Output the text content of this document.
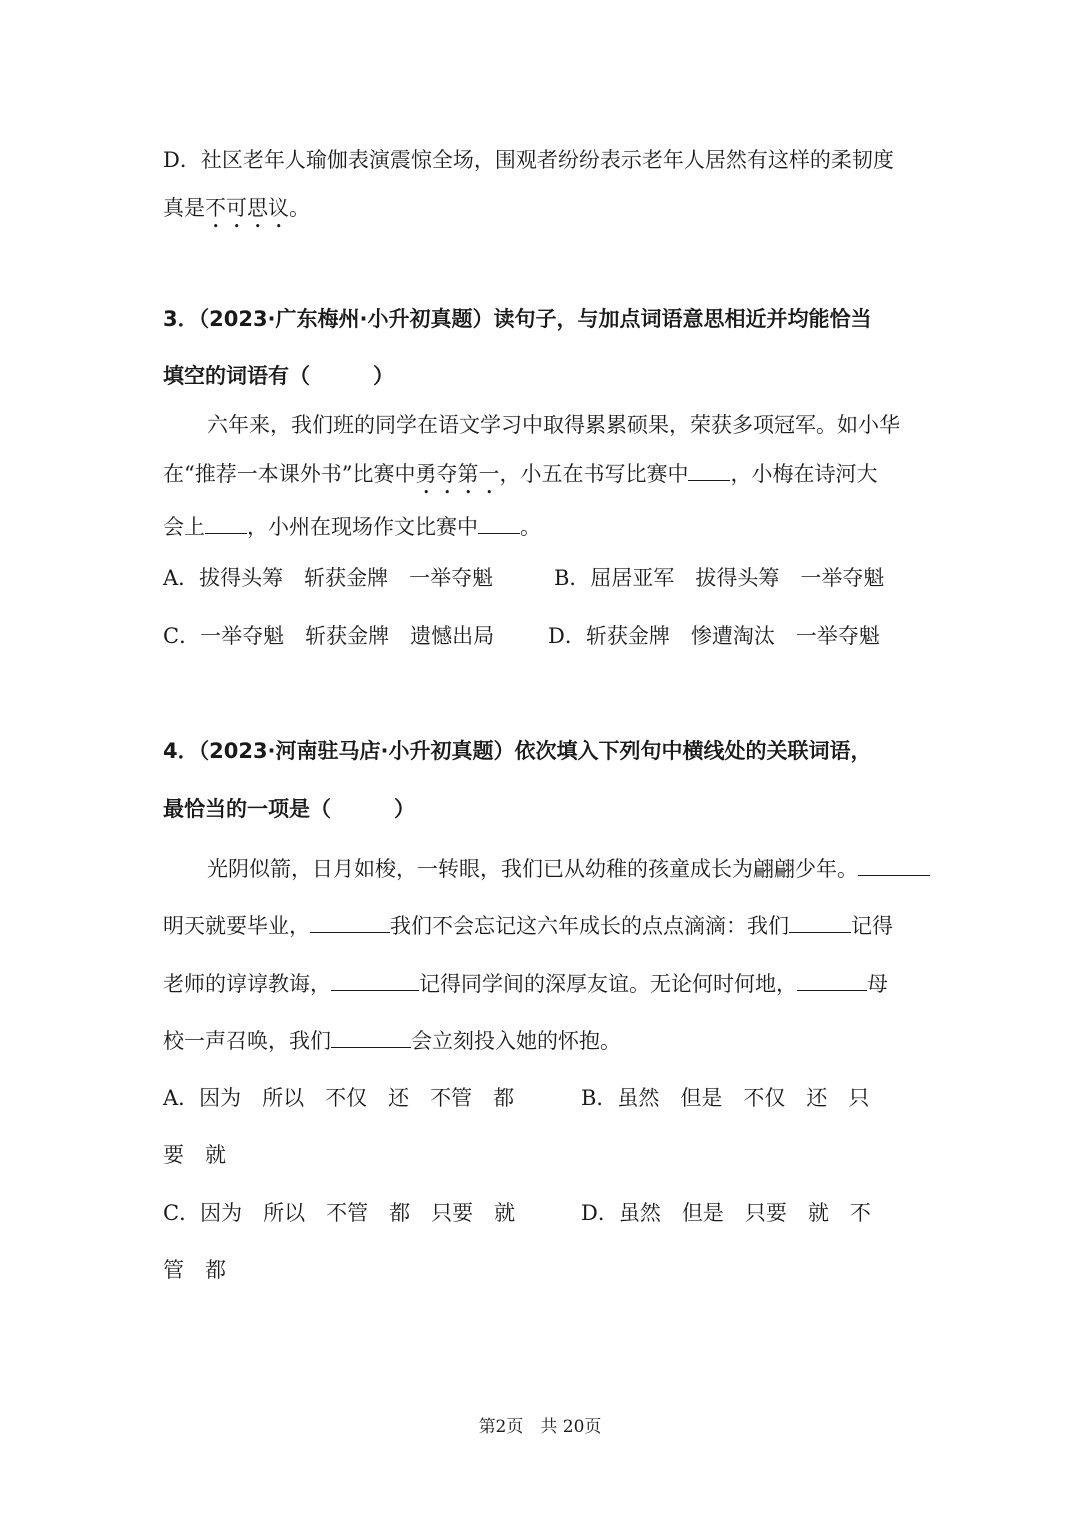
D．社区老年人瑜伽表演震惊全场，围观者纷纷表示老年人居然有这样的柔韧度
真是不可思议。
3．（2023·广东梅州·小升初真题）读句子，与加点词语意思相近并均能恰当
填空的词语有（　　　）
六年来，我们班的同学在语文学习中取得累累硕果，荣获多项冠军。如小华
在“推荐一本课外书”比赛中勇夺第一，小五在书写比赛中 ，小梅在诗河大
会上 ，小州在现场作文比赛中 。
A．拔得头筹　斩获金牌　一举夺魁	B．屈居亚军　拔得头筹　一举夺魁
C．一举夺魁　斩获金牌　遗憾出局	D．斩获金牌　惨遭淘汰　一举夺魁
4．（2023·河南驻马店·小升初真题）依次填入下列句中横线处的关联词语，
最恰当的一项是（　　　）
光阴似箭，日月如梭，一转眼，我们已从幼稚的孩童成长为翩翩少年。
明天就要毕业，	我们不会忘记这六年成长的点点滴滴：我们	记得
老师的谆谆教诲，	记得同学间的深厚友谊。无论何时何地，	母
校一声召唤，我们	会立刻投入她的怀抱。
A．因为　所以　不仅　还　不管　都	B．虽然　但是　不仅　还　只
要　就
C．因为　所以　不管　都　只要　就	D．虽然　但是　只要　就　不
管　都
第2页　共 20页
